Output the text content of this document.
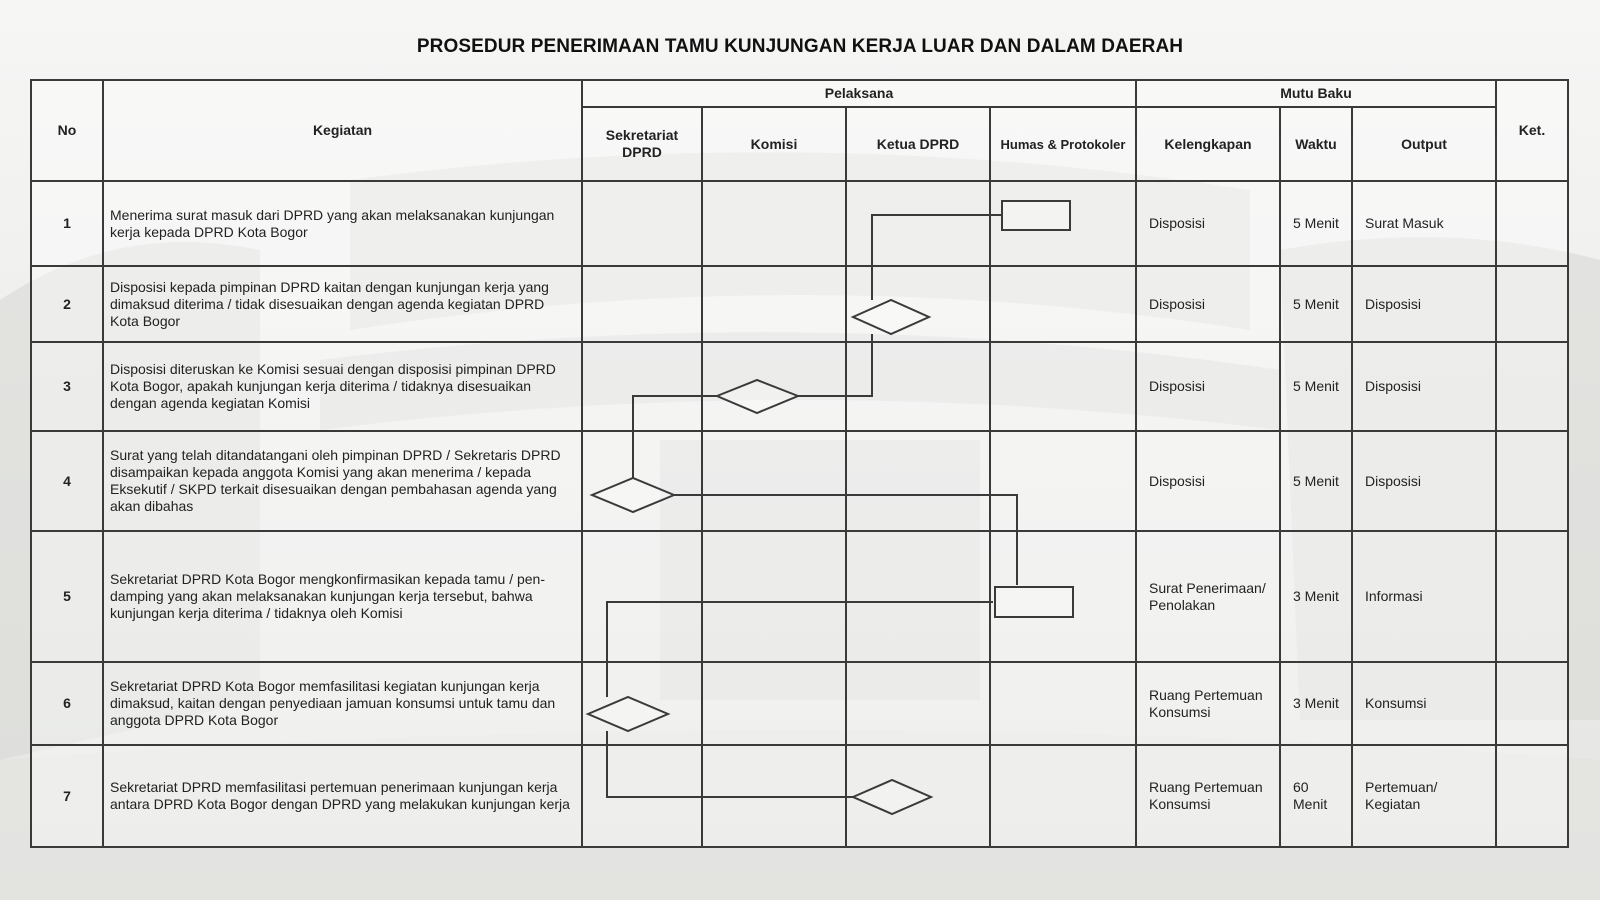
PROSEDUR PENERIMAAN TAMU KUNJUNGAN KERJA LUAR DAN DALAM DAERAH
No	Kegiatan	Pelaksana				Mutu Baku			Ket.
		Sekretariat DPRD	Komisi	Ketua DPRD	Humas & Protokoler	Kelengkapan	Waktu	Output	
1	Menerima surat masuk dari DPRD yang akan melaksanakan kunjungan kerja kepada DPRD Kota Bogor					Disposisi	5 Menit	Surat Masuk	
2	Disposisi kepada pimpinan DPRD kaitan dengan kunjungan kerja yang dimaksud diterima / tidak disesuaikan dengan agenda kegiatan DPRD Kota Bogor					Disposisi	5 Menit	Disposisi	
3	Disposisi diteruskan ke Komisi sesuai dengan disposisi pimpinan DPRD Kota Bogor, apakah kunjungan kerja diterima / tidaknya disesuaikan dengan agenda kegiatan Komisi					Disposisi	5 Menit	Disposisi	
4	Surat yang telah ditandatangani oleh pimpinan DPRD / Sekretaris DPRD disampaikan kepada anggota Komisi yang akan menerima / kepada Eksekutif / SKPD terkait disesuaikan dengan pembahasan agenda yang akan dibahas					Disposisi	5 Menit	Disposisi	
5	Sekretariat DPRD Kota Bogor mengkonfirmasikan kepada tamu / pen-damping yang akan melaksanakan kunjungan kerja tersebut, bahwa kunjungan kerja diterima / tidaknya oleh Komisi					Surat Penerimaan/ Penolakan	3 Menit	Informasi	
6	Sekretariat DPRD Kota Bogor memfasilitasi kegiatan kunjungan kerja dimaksud, kaitan dengan penyediaan jamuan konsumsi untuk tamu dan anggota DPRD Kota Bogor					Ruang Pertemuan Konsumsi	3 Menit	Konsumsi	
7	Sekretariat DPRD memfasilitasi pertemuan penerimaan kunjungan kerja antara DPRD Kota Bogor dengan DPRD yang melakukan kunjungan kerja					Ruang Pertemuan Konsumsi	60 Menit	Pertemuan/ Kegiatan	
